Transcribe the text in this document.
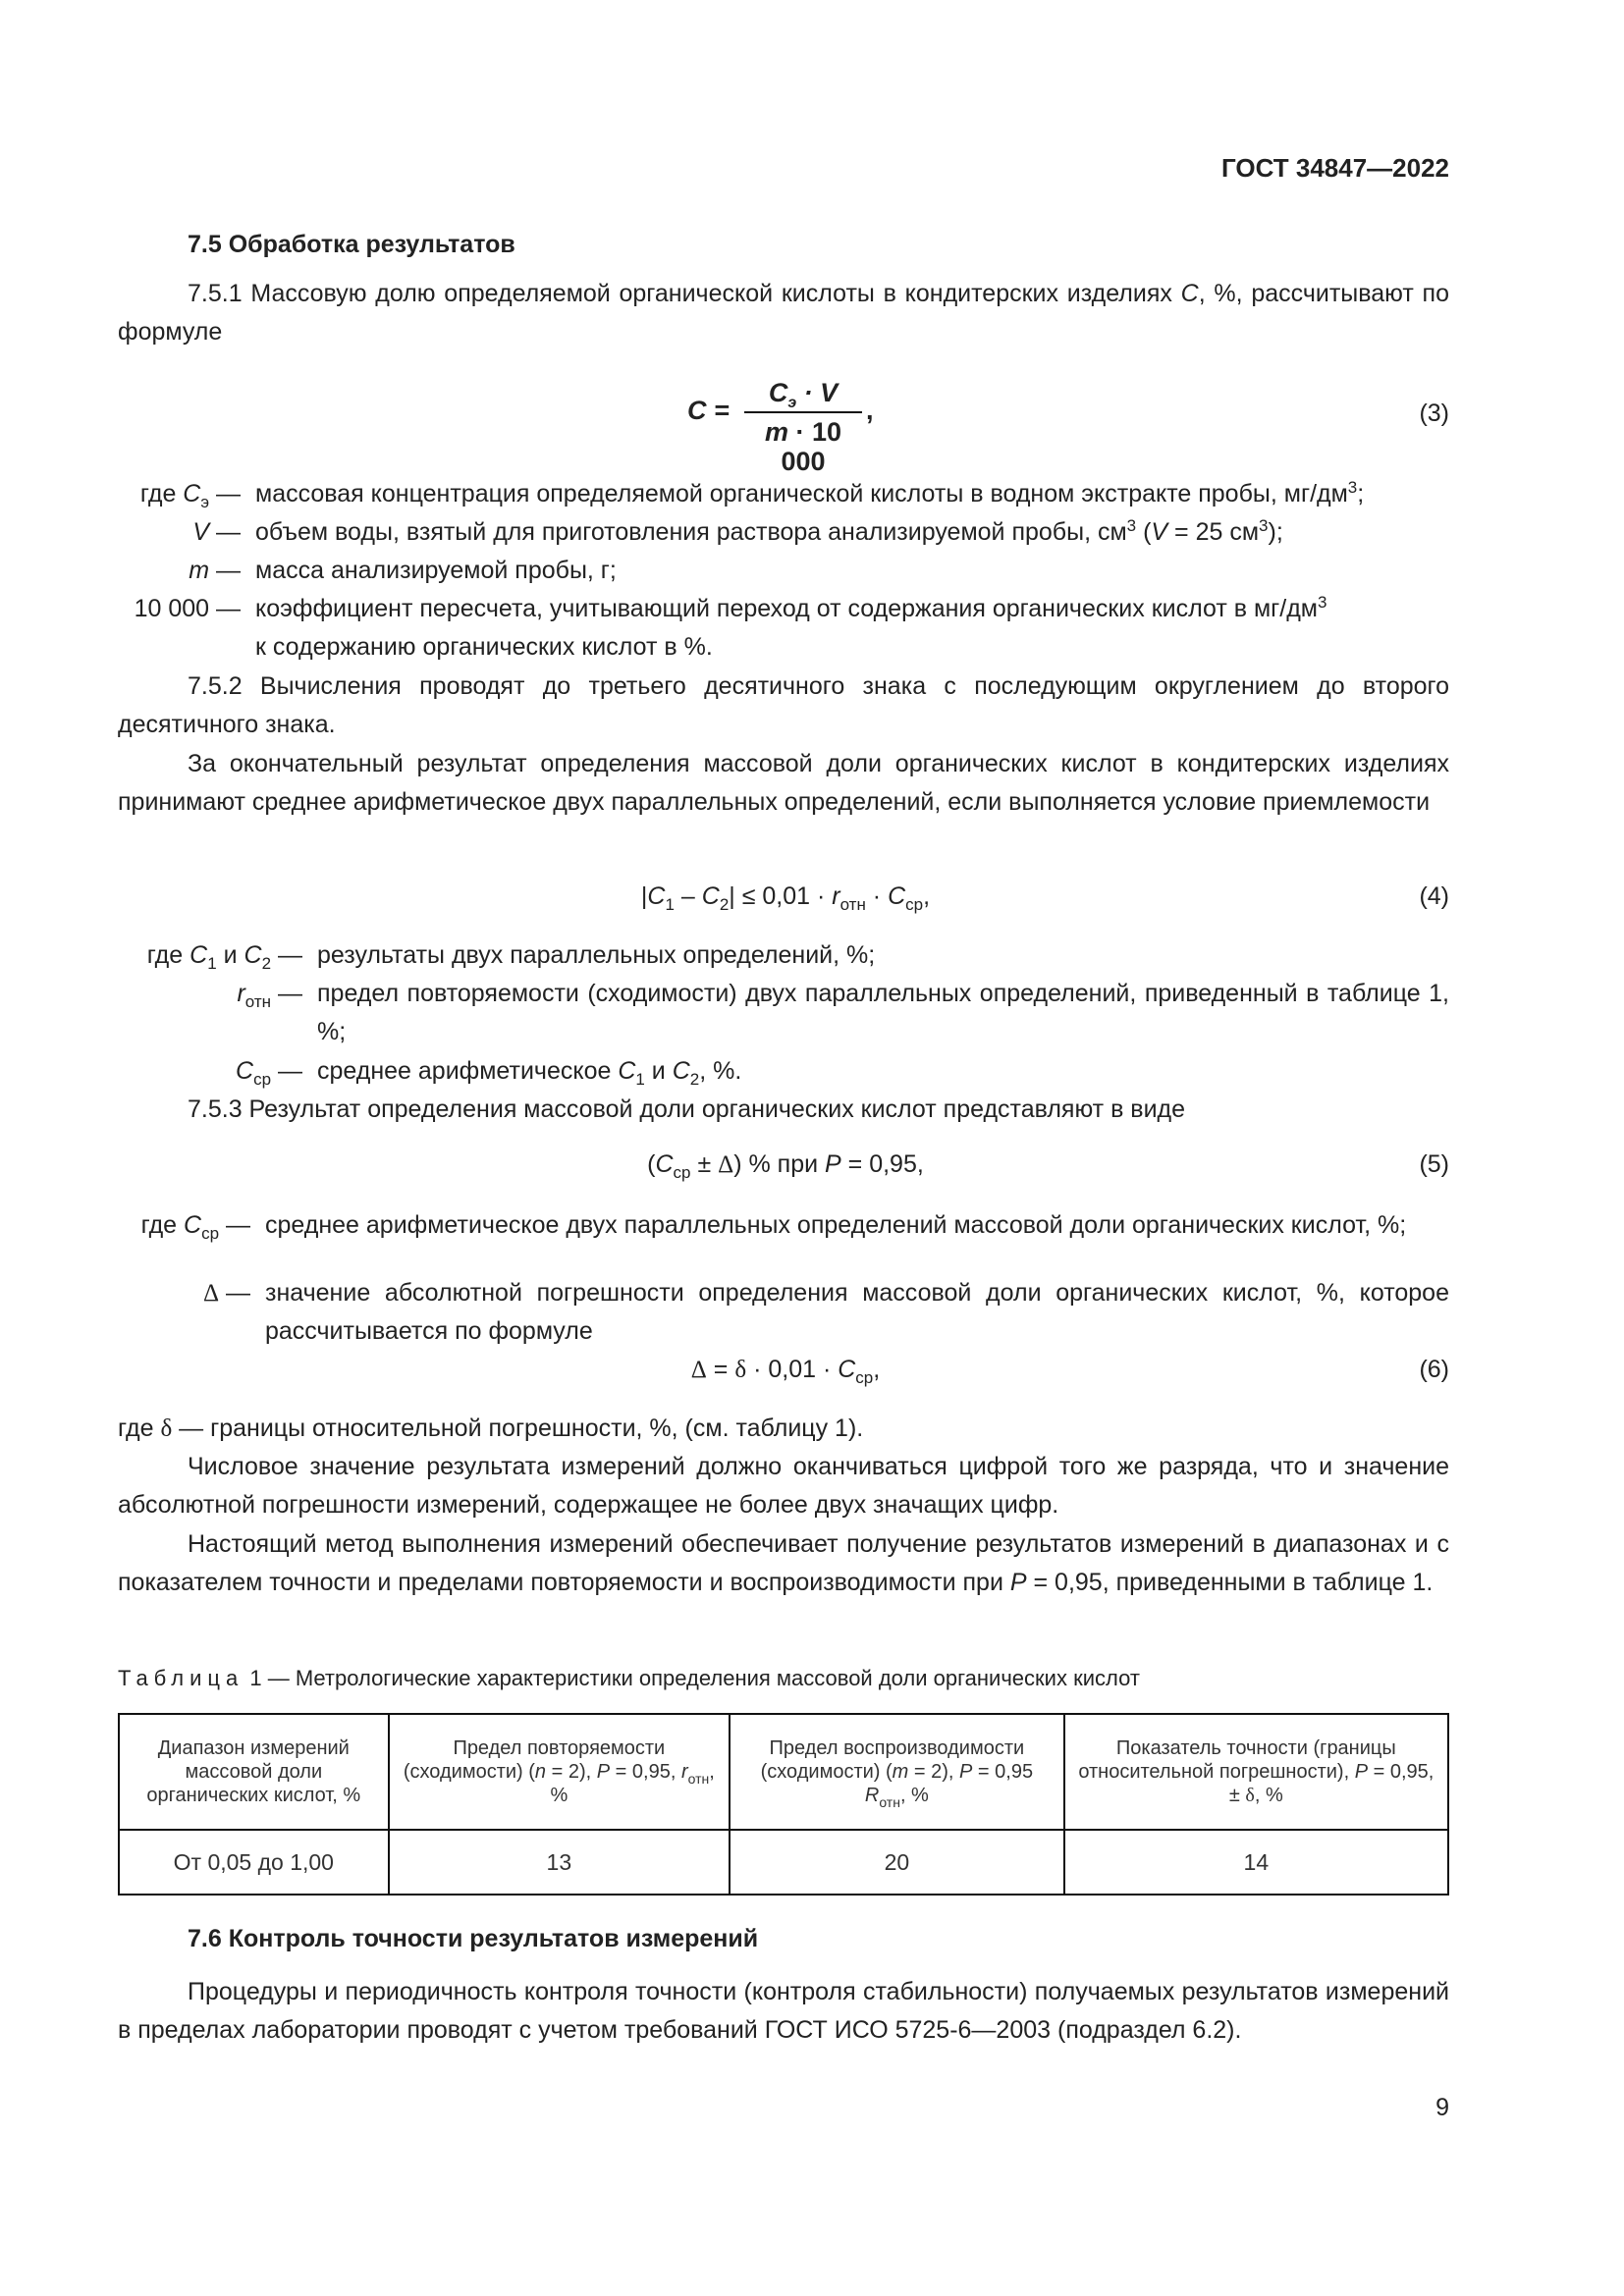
ГОСТ 34847—2022
7.5 Обработка результатов
7.5.1 Массовую долю определяемой органической кислоты в кондитерских изделиях С, %, рассчитывают по формуле
C =
$C_э \cdot V$
m · 10 000
,	(3)
где $C_э$ — массовая концентрация определяемой органической кислоты в водном экстракте пробы, $мг/дм^3$;
V — объем воды, взятый для приготовления раствора анализируемой пробы, $см^3$ (V = 25 $см^3$);
m — масса анализируемой пробы, г;
10 000 — коэффициент пересчета, учитывающий переход от содержания органических кислот в $мг/дм^3$
к содержанию органических кислот в %.
7.5.2 Вычисления проводят до третьего десятичного знака с последующим округлением до второго десятичного знака.
За окончательный результат определения массовой доли органических кислот в кондитерских изделиях принимают среднее арифметическое двух параллельных определений, если выполняется условие приемлемости
$|C_1 - C_2| \le 0,01 \cdot r_{отн} \cdot C_{ср}$,	(4)
где $C_1$ и $C_2$ — результаты двух параллельных определений, %;
$r_{отн}$ — предел повторяемости (сходимости) двух параллельных определений, приведенный в таблице 1, %;
$C_{ср}$ — среднее арифметическое $C_1$ и $C_2$, %.
7.5.3 Результат определения массовой доли органических кислот представляют в виде
$(C_{ср} \pm \Delta)$ % при P = 0,95,	(5)
где $C_{ср}$ — среднее арифметическое двух параллельных определений массовой доли органических кислот, %;
Δ — значение абсолютной погрешности определения массовой доли органических кислот, %, которое рассчитывается по формуле
$\Delta = \delta \cdot 0,01 \cdot C_{ср}$,	(6)
где δ — границы относительной погрешности, %, (см. таблицу 1).
Числовое значение результата измерений должно оканчиваться цифрой того же разряда, что и значение абсолютной погрешности измерений, содержащее не более двух значащих цифр.
Настоящий метод выполнения измерений обеспечивает получение результатов измерений в диапазонах и с показателем точности и пределами повторяемости и воспроизводимости при P = 0,95, приведенными в таблице 1.
Таблица 1 — Метрологические характеристики определения массовой доли органических кислот
Диапазон измерений массовой доли органических кислот, %	Предел повторяемости (сходимости) (n = 2), P = 0,95, $r_{отн}$, %	Предел воспроизводимости (сходимости) (m = 2), P = 0,95 $R_{отн}$, %	Показатель точности (границы относительной погрешности), P = 0,95, ± δ, %
От 0,05 до 1,00	13	20	14
7.6 Контроль точности результатов измерений
Процедуры и периодичность контроля точности (контроля стабильности) получаемых результатов измерений в пределах лаборатории проводят с учетом требований ГОСТ ИСО 5725-6—2003 (подраздел 6.2).
9
